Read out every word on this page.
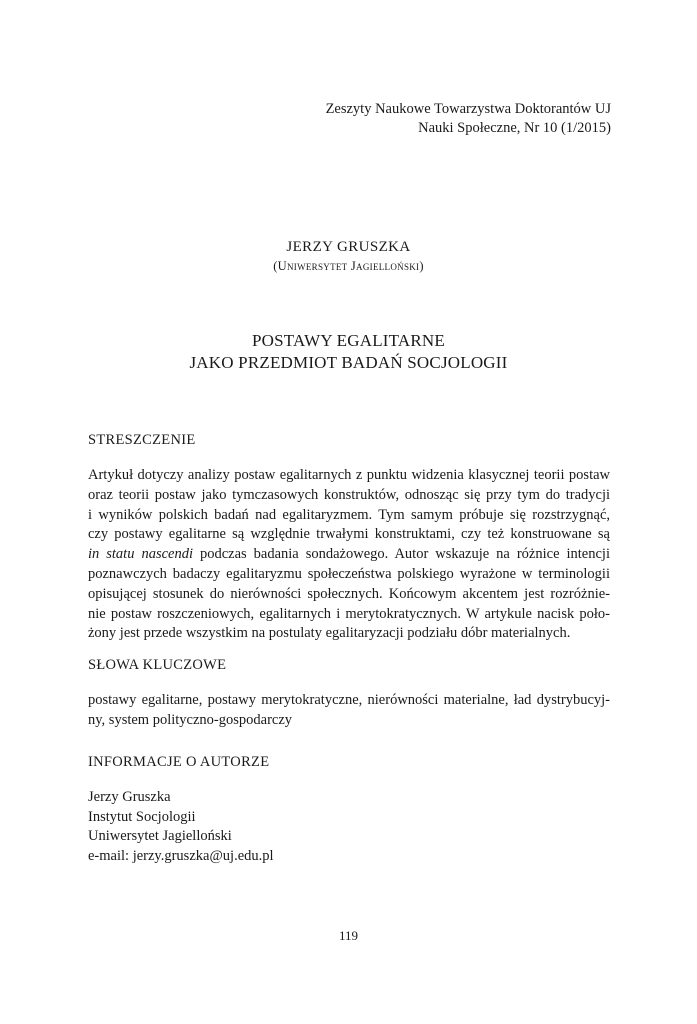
Zeszyty Naukowe Towarzystwa Doktorantów UJ
Nauki Społeczne, Nr 10 (1/2015)
JERZY GRUSZKA
(Uniwersytet Jagielloński)
POSTAWY EGALITARNE
JAKO PRZEDMIOT BADAŃ SOCJOLOGII
STRESZCZENIE
Artykuł dotyczy analizy postaw egalitarnych z punktu widzenia klasycznej teorii postaw
oraz teorii postaw jako tymczasowych konstruktów, odnosząc się przy tym do tradycji
i wyników polskich badań nad egalitaryzmem. Tym samym próbuje się rozstrzygnąć,
czy postawy egalitarne są względnie trwałymi konstruktami, czy też konstruowane są
in statu nascendi podczas badania sondażowego. Autor wskazuje na różnice intencji
poznawczych badaczy egalitaryzmu społeczeństwa polskiego wyrażone w terminologii
opisującej stosunek do nierówności społecznych. Końcowym akcentem jest rozróżnie-
nie postaw roszczeniowych, egalitarnych i merytokratycznych. W artykule nacisk poło-
żony jest przede wszystkim na postulaty egalitaryzacji podziału dóbr materialnych.
SŁOWA KLUCZOWE
postawy egalitarne, postawy merytokratyczne, nierówności materialne, ład dystrybucyj-
ny, system polityczno-gospodarczy
INFORMACJE O AUTORZE
Jerzy Gruszka
Instytut Socjologii
Uniwersytet Jagielloński
e-mail: jerzy.gruszka@uj.edu.pl
119
